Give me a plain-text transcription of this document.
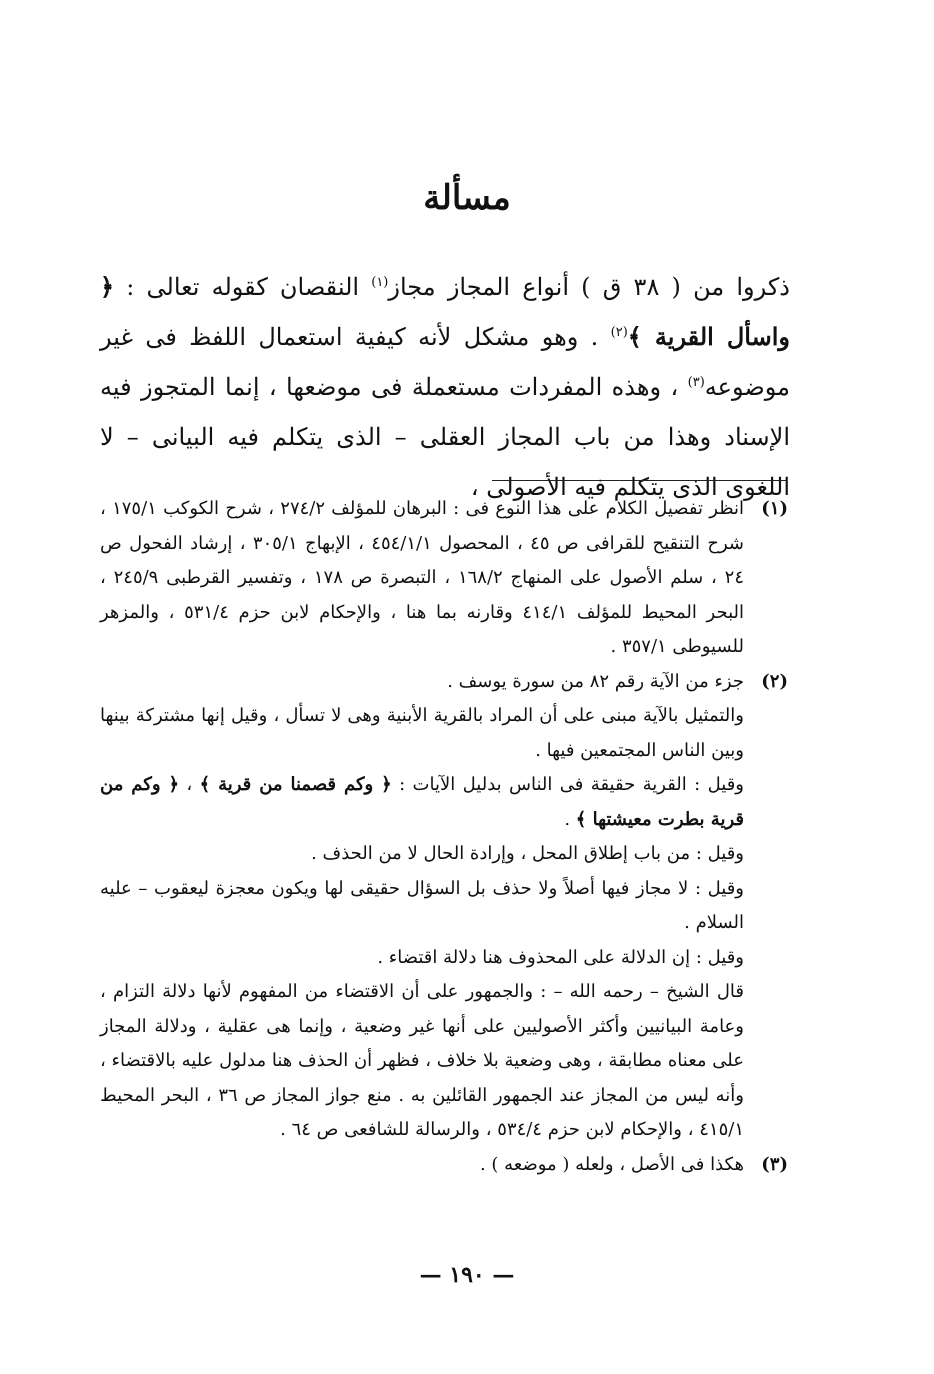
مسألة

ذكروا من ( ٣٨ ق ) أنواع المجاز مجاز$^{(١)}$ النقصان كقوله تعالى : ﴿ واسأل القرية ﴾$^{(٢)}$ . وهو مشكل لأنه كيفية استعمال اللفظ فى غير موضوعه$^{(٣)}$ ، وهذه المفردات مستعملة فى موضعها ، إنما المتجوز فيه الإسناد وهذا من باب المجاز العقلى – الذى يتكلم فيه البيانى – لا اللغوى الذى يتكلم فيه الأصولى ،

(١)

انظر تفصيل الكلام على هذا النوع فى : البرهان للمؤلف ٢٧٤/٢ ، شرح الكوكب ١٧٥/١ ، شرح التنقيح للقرافى ص ٤٥ ، المحصول ٤٥٤/١/١ ، الإبهاج ٣٠٥/١ ، إرشاد الفحول ص ٢٤ ، سلم الأصول على المنهاج ١٦٨/٢ ، التبصرة ص ١٧٨ ، وتفسير القرطبى ٢٤٥/٩ ، البحر المحيط للمؤلف ٤١٤/١ وقارنه بما هنا ، والإحكام لابن حزم ٥٣١/٤ ، والمزهر للسيوطى ٣٥٧/١ .

(٢)

جزء من الآية رقم ٨٢ من سورة يوسف .

والتمثيل بالآية مبنى على أن المراد بالقرية الأبنية وهى لا تسأل ، وقيل إنها مشتركة بينها وبين الناس المجتمعين فيها .

وقيل : القرية حقيقة فى الناس بدليل الآيات : ﴿ وكم قصمنا من قرية ﴾ ، ﴿ وكم من قرية بطرت معيشتها ﴾ .

وقيل : من باب إطلاق المحل ، وإرادة الحال لا من الحذف .

وقيل : لا مجاز فيها أصلاً ولا حذف بل السؤال حقيقى لها ويكون معجزة ليعقوب – عليه السلام .

وقيل : إن الدلالة على المحذوف هنا دلالة اقتضاء .

قال الشيخ – رحمه الله – : والجمهور على أن الاقتضاء من المفهوم لأنها دلالة التزام ، وعامة البيانيين وأكثر الأصوليين على أنها غير وضعية ، وإنما هى عقلية ، ودلالة المجاز على معناه مطابقة ، وهى وضعية بلا خلاف ، فظهر أن الحذف هنا مدلول عليه بالاقتضاء ، وأنه ليس من المجاز عند الجمهور القائلين به . منع جواز المجاز ص ٣٦ ، البحر المحيط ٤١٥/١ ، والإحكام لابن حزم ٥٣٤/٤ ، والرسالة للشافعى ص ٦٤ .

(٣)

هكذا فى الأصل ، ولعله ( موضعه ) .

— ١٩٠ —
